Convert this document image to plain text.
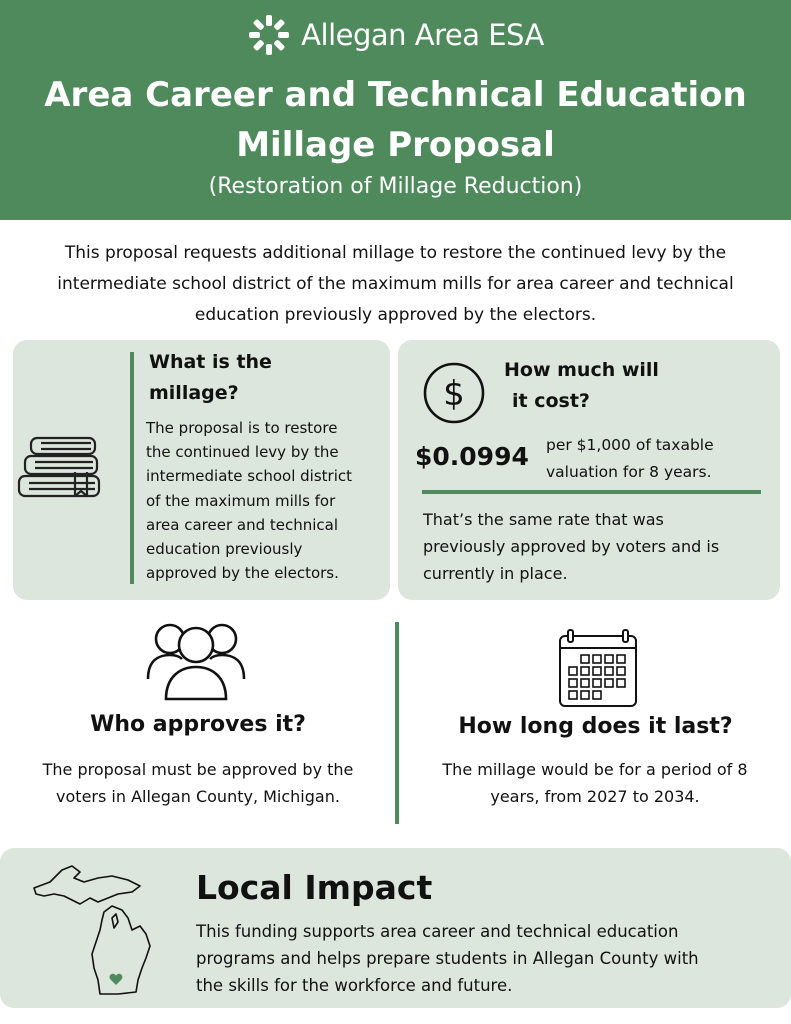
Allegan Area ESA
Area Career and Technical Education
Millage Proposal
(Restoration of Millage Reduction)
This proposal requests additional millage to restore the continued levy by the
intermediate school district of the maximum mills for area career and technical
education previously approved by the electors.
What is the
millage?
The proposal is to restore
the continued levy by the
intermediate school district
of the maximum mills for
area career and technical
education previously
approved by the electors.
$
How much will
it cost?
$0.0994 per $1,000 of taxable
valuation for 8 years.
That’s the same rate that was
previously approved by voters and is
currently in place.
Who approves it?
The proposal must be approved by the
voters in Allegan County, Michigan.
How long does it last?
The millage would be for a period of 8
years, from 2027 to 2034.
Local Impact
This funding supports area career and technical education
programs and helps prepare students in Allegan County with
the skills for the workforce and future.
